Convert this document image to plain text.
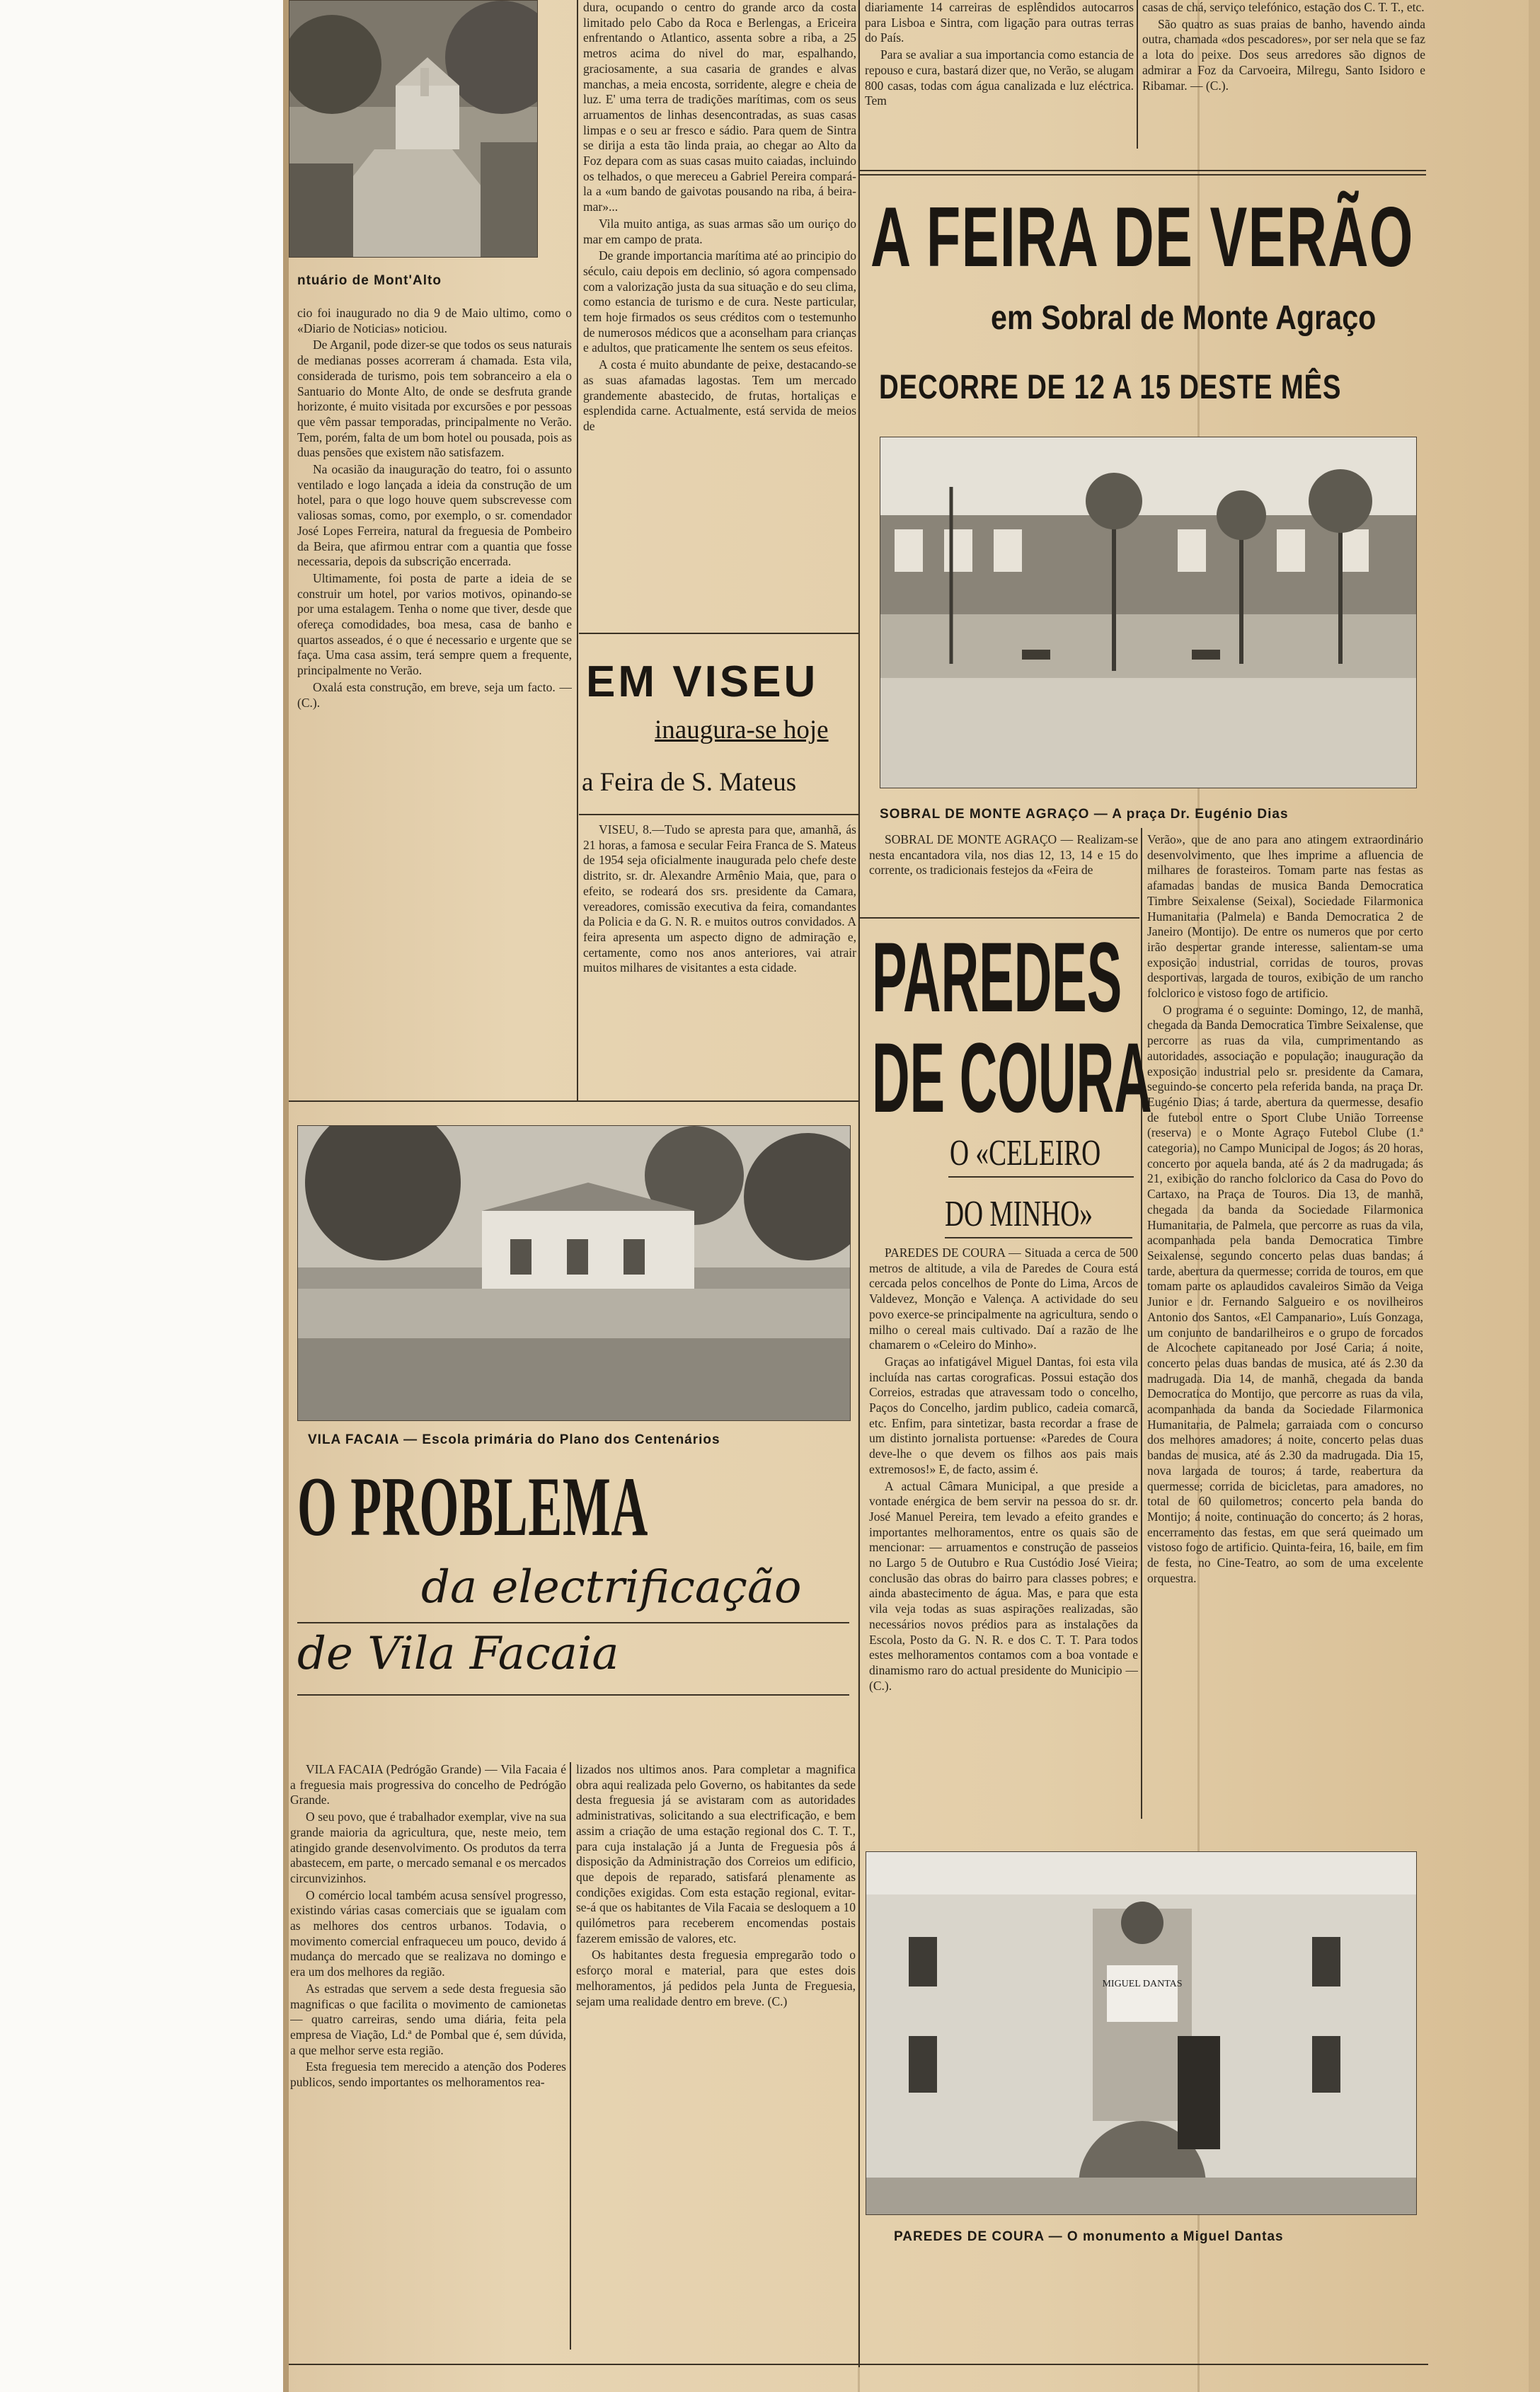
ntuário de Mont'Alto

cio foi inaugurado no dia 9 de Maio ultimo, como o «Diario de Noticias» noticiou.

De Arganil, pode dizer-se que todos os seus naturais de medianas posses acorreram á chamada. Esta vila, considerada de turismo, pois tem sobranceiro a ela o Santuario do Monte Alto, de onde se desfruta grande horizonte, é muito visitada por excursões e por pessoas que vêm passar temporadas, principalmente no Verão. Tem, porém, falta de um bom hotel ou pousada, pois as duas pensões que existem não satisfazem.

Na ocasião da inauguração do teatro, foi o assunto ventilado e logo lançada a ideia da construção de um hotel, para o que logo houve quem subscrevesse com valiosas somas, como, por exemplo, o sr. comendador José Lopes Ferreira, natural da freguesia de Pombeiro da Beira, que afirmou entrar com a quantia que fosse necessaria, depois da subscrição encerrada.

Ultimamente, foi posta de parte a ideia de se construir um hotel, por varios motivos, opinando-se por uma estalagem. Tenha o nome que tiver, desde que ofereça comodidades, boa mesa, casa de banho e quartos asseados, é o que é necessario e urgente que se faça. Uma casa assim, terá sempre quem a frequente, principalmente no Verão.

Oxalá esta construção, em breve, seja um facto. — (C.).

dura, ocupando o centro do grande arco da costa limitado pelo Cabo da Roca e Berlengas, a Ericeira enfrentando o Atlantico, assenta sobre a riba, a 25 metros acima do nivel do mar, espalhando, graciosamente, a sua casaria de grandes e alvas manchas, a meia encosta, sorridente, alegre e cheia de luz. E' uma terra de tradições marítimas, com os seus arruamentos de linhas desencontradas, as suas casas limpas e o seu ar fresco e sádio. Para quem de Sintra se dirija a esta tão linda praia, ao chegar ao Alto da Foz depara com as suas casas muito caiadas, incluindo os telhados, o que mereceu a Gabriel Pereira compará-la a «um bando de gaivotas pousando na riba, á beira-mar»...

Vila muito antiga, as suas armas são um ouriço do mar em campo de prata.

De grande importancia marítima até ao principio do século, caiu depois em declinio, só agora compensado com a valorização justa da sua situação e do seu clima, como estancia de turismo e de cura. Neste particular, tem hoje firmados os seus créditos com o testemunho de numerosos médicos que a aconselham para crianças e adultos, que praticamente lhe sentem os seus efeitos.

A costa é muito abundante de peixe, destacando-se as suas afamadas lagostas. Tem um mercado grandemente abastecido, de frutas, hortaliças e esplendida carne. Actualmente, está servida de meios de

EM VISEU
inaugura-se hoje
a Feira de S. Mateus

VISEU, 8.—Tudo se apresta para que, amanhã, ás 21 horas, a famosa e secular Feira Franca de S. Mateus de 1954 seja oficialmente inaugurada pelo chefe deste distrito, sr. dr. Alexandre Armênio Maia, que, para o efeito, se rodeará dos srs. presidente da Camara, vereadores, comissão executiva da feira, comandantes da Policia e da G. N. R. e muitos outros convidados. A feira apresenta um aspecto digno de admiração e, certamente, como nos anos anteriores, vai atrair muitos milhares de visitantes a esta cidade.

diariamente 14 carreiras de esplêndidos autocarros para Lisboa e Sintra, com ligação para outras terras do País.

Para se avaliar a sua importancia como estancia de repouso e cura, bastará dizer que, no Verão, se alugam 800 casas, todas com água canalizada e luz eléctrica. Tem

casas de chá, serviço telefónico, estação dos C. T. T., etc.

São quatro as suas praias de banho, havendo ainda outra, chamada «dos pescadores», por ser nela que se faz a lota do peixe. Dos seus arredores são dignos de admirar a Foz da Carvoeira, Milregu, Santo Isidoro e Ribamar. — (C.).

A FEIRA DE VERÃO
em Sobral de Monte Agraço
DECORRE DE 12 A 15 DESTE MÊS
SOBRAL DE MONTE AGRAÇO — A praça Dr. Eugénio Dias

SOBRAL DE MONTE AGRAÇO — Realizam-se nesta encantadora vila, nos dias 12, 13, 14 e 15 do corrente, os tradicionais festejos da «Feira de

Verão», que de ano para ano atingem extraordinário desenvolvimento, que lhes imprime a afluencia de milhares de forasteiros. Tomam parte nas festas as afamadas bandas de musica Banda Democratica Timbre Seixalense (Seixal), Sociedade Filarmonica Humanitaria (Palmela) e Banda Democratica 2 de Janeiro (Montijo). De entre os numeros que por certo irão despertar grande interesse, salientam-se uma exposição industrial, corridas de touros, provas desportivas, largada de touros, exibição de um rancho folclorico e vistoso fogo de artificio.

O programa é o seguinte: Domingo, 12, de manhã, chegada da Banda Democratica Timbre Seixalense, que percorre as ruas da vila, cumprimentando as autoridades, associação e população; inauguração da exposição industrial pelo sr. presidente da Camara, seguindo-se concerto pela referida banda, na praça Dr. Eugénio Dias; á tarde, abertura da quermesse, desafio de futebol entre o Sport Clube União Torreense (reserva) e o Monte Agraço Futebol Clube (1.ª categoria), no Campo Municipal de Jogos; ás 20 horas, concerto por aquela banda, até ás 2 da madrugada; ás 21, exibição do rancho folclorico da Casa do Povo do Cartaxo, na Praça de Touros. Dia 13, de manhã, chegada da banda da Sociedade Filarmonica Humanitaria, de Palmela, que percorre as ruas da vila, acompanhada pela banda Democratica Timbre Seixalense, segundo concerto pelas duas bandas; á tarde, abertura da quermesse; corrida de touros, em que tomam parte os aplaudidos cavaleiros Simão da Veiga Junior e dr. Fernando Salgueiro e os novilheiros Antonio dos Santos, «El Campanario», Luís Gonzaga, um conjunto de bandarilheiros e o grupo de forcados de Alcochete capitaneado por José Caria; á noite, concerto pelas duas bandas de musica, até ás 2.30 da madrugada. Dia 14, de manhã, chegada da banda Democratica do Montijo, que percorre as ruas da vila, acompanhada da banda da Sociedade Filarmonica Humanitaria, de Palmela; garraiada com o concurso dos melhores amadores; á noite, concerto pelas duas bandas de musica, até ás 2.30 da madrugada. Dia 15, nova largada de touros; á tarde, reabertura da quermesse; corrida de bicicletas, para amadores, no total de 60 quilometros; concerto pela banda do Montijo; á noite, continuação do concerto; ás 2 horas, encerramento das festas, em que será queimado um vistoso fogo de artificio. Quinta-feira, 16, baile, em fim de festa, no Cine-Teatro, ao som de uma excelente orquestra.

PAREDES
DE COURA
O «CELEIRO
DO MINHO»

PAREDES DE COURA — Situada a cerca de 500 metros de altitude, a vila de Paredes de Coura está cercada pelos concelhos de Ponte do Lima, Arcos de Valdevez, Monção e Valença. A actividade do seu povo exerce-se principalmente na agricultura, sendo o milho o cereal mais cultivado. Daí a razão de lhe chamarem o «Celeiro do Minho».

Graças ao infatigável Miguel Dantas, foi esta vila incluída nas cartas corograficas. Possui estação dos Correios, estradas que atravessam todo o concelho, Paços do Concelho, jardim publico, cadeia comarcã, etc. Enfim, para sintetizar, basta recordar a frase de um distinto jornalista portuense: «Paredes de Coura deve-lhe o que devem os filhos aos pais mais extremosos!» E, de facto, assim é.

A actual Câmara Municipal, a que preside a vontade enérgica de bem servir na pessoa do sr. dr. José Manuel Pereira, tem levado a efeito grandes e importantes melhoramentos, entre os quais são de mencionar: — arruamentos e construção de passeios no Largo 5 de Outubro e Rua Custódio José Vieira; conclusão das obras do bairro para classes pobres; e ainda abastecimento de água. Mas, e para que esta vila veja todas as suas aspirações realizadas, são necessários novos prédios para as instalações da Escola, Posto da G. N. R. e dos C. T. T. Para todos estes melhoramentos contamos com a boa vontade e dinamismo raro do actual presidente do Municipio — (C.).

MIGUEL DANTAS
PAREDES DE COURA — O monumento a Miguel Dantas
VILA FACAIA — Escola primária do Plano dos Centenários
O PROBLEMA
da electrificação
de Vila Facaia

VILA FACAIA (Pedrógão Grande) — Vila Facaia é a freguesia mais progressiva do concelho de Pedrógão Grande.

O seu povo, que é trabalhador exemplar, vive na sua grande maioria da agricultura, que, neste meio, tem atingido grande desenvolvimento. Os produtos da terra abastecem, em parte, o mercado semanal e os mercados circunvizinhos.

O comércio local também acusa sensível progresso, existindo várias casas comerciais que se igualam com as melhores dos centros urbanos. Todavia, o movimento comercial enfraqueceu um pouco, devido á mudança do mercado que se realizava no domingo e era um dos melhores da região.

As estradas que servem a sede desta freguesia são magnificas o que facilita o movimento de camionetas — quatro carreiras, sendo uma diária, feita pela empresa de Viação, Ld.ª de Pombal que é, sem dúvida, a que melhor serve esta região.

Esta freguesia tem merecido a atenção dos Poderes publicos, sendo importantes os melhoramentos rea-

lizados nos ultimos anos. Para completar a magnifica obra aqui realizada pelo Governo, os habitantes da sede desta freguesia já se avistaram com as autoridades administrativas, solicitando a sua electrificação, e bem assim a criação de uma estação regional dos C. T. T., para cuja instalação já a Junta de Freguesia pôs á disposição da Administração dos Correios um edificio, que depois de reparado, satisfará plenamente as condições exigidas. Com esta estação regional, evitar-se-á que os habitantes de Vila Facaia se desloquem a 10 quilómetros para receberem encomendas postais fazerem emissão de valores, etc.

Os habitantes desta freguesia empregarão todo o esforço moral e material, para que estes dois melhoramentos, já pedidos pela Junta de Freguesia, sejam uma realidade dentro em breve. (C.)
